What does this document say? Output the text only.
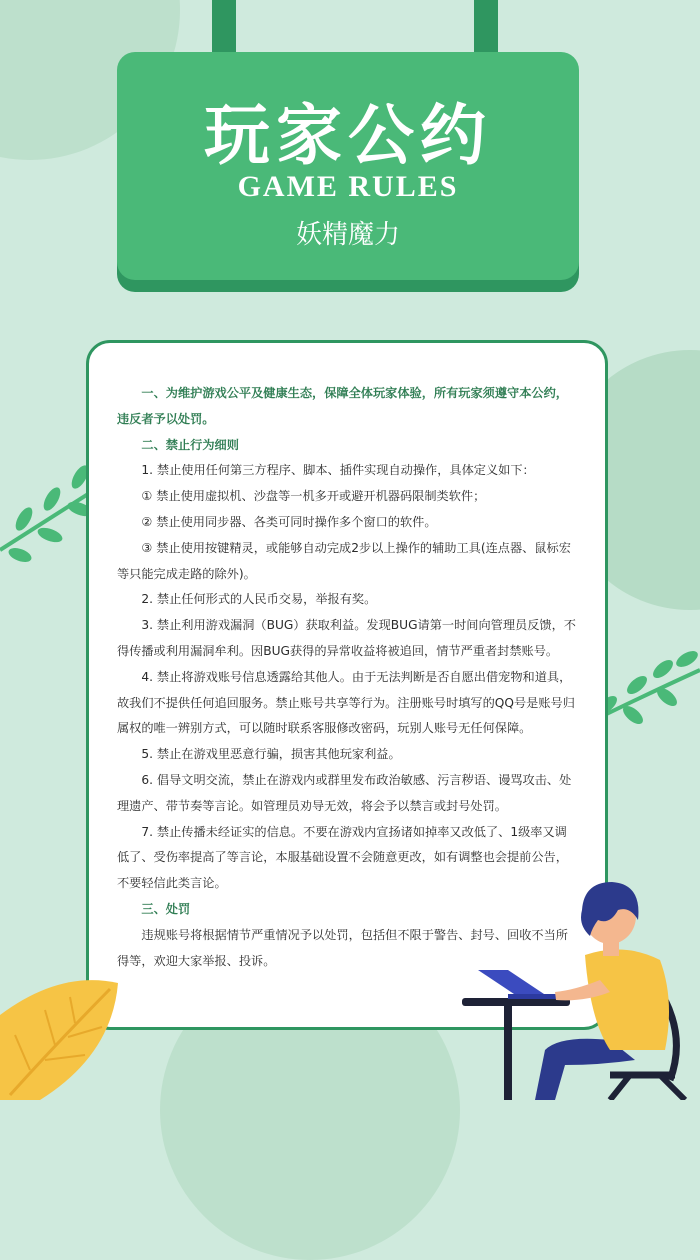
玩家公约
GAME RULES
妖精魔力

一、为维护游戏公平及健康生态，保障全体玩家体验，所有玩家须遵守本公约，违反者予以处罚。

二、禁止行为细则

1. 禁止使用任何第三方程序、脚本、插件实现自动操作，具体定义如下：

① 禁止使用虚拟机、沙盘等一机多开或避开机器码限制类软件；

② 禁止使用同步器、各类可同时操作多个窗口的软件。

③ 禁止使用按键精灵，或能够自动完成2步以上操作的辅助工具(连点器、鼠标宏等只能完成走路的除外)。

2. 禁止任何形式的人民币交易，举报有奖。

3. 禁止利用游戏漏洞（BUG）获取利益。发现BUG请第一时间向管理员反馈，不得传播或利用漏洞牟利。因BUG获得的异常收益将被追回，情节严重者封禁账号。

4. 禁止将游戏账号信息透露给其他人。由于无法判断是否自愿出借宠物和道具，故我们不提供任何追回服务。禁止账号共享等行为。注册账号时填写的QQ号是账号归属权的唯一辨别方式，可以随时联系客服修改密码，玩别人账号无任何保障。

5. 禁止在游戏里恶意行骗，损害其他玩家利益。

6. 倡导文明交流，禁止在游戏内或群里发布政治敏感、污言秽语、谩骂攻击、处理遗产、带节奏等言论。如管理员劝导无效，将会予以禁言或封号处罚。

7. 禁止传播未经证实的信息。不要在游戏内宣扬诸如掉率又改低了、1级率又调低了、受伤率提高了等言论，本服基础设置不会随意更改，如有调整也会提前公告，不要轻信此类言论。

三、处罚

违规账号将根据情节严重情况予以处罚，包括但不限于警告、封号、回收不当所得等，欢迎大家举报、投诉。
